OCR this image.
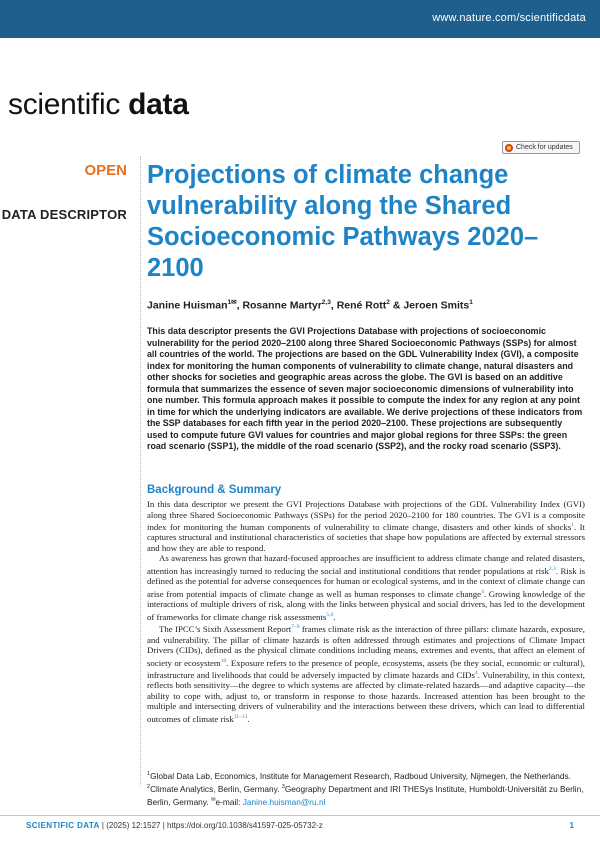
www.nature.com/scientificdata
scientific data
Check for updates
OPEN
DATA DESCRIPTOR
Projections of climate change vulnerability along the Shared Socioeconomic Pathways 2020–2100
Janine Huisman$^{1✉}$, Rosanne Martyr$^{2,3}$, René Rott$^2$ & Jeroen Smits$^1$

This data descriptor presents the GVI Projections Database with projections of socioeconomic vulnerability for the period 2020–2100 along three Shared Socioeconomic Pathways (SSPs) for almost all countries of the world. The projections are based on the GDL Vulnerability Index (GVI), a composite index for monitoring the human components of vulnerability to climate change, natural disasters and other shocks for societies and geographic areas across the globe. The GVI is based on an additive formula that summarizes the essence of seven major socioeconomic dimensions of vulnerability into one number. This formula approach makes it possible to compute the index for any region at any point in time for which the underlying indicators are available. We derive projections of these indicators from the SSP databases for each fifth year in the period 2020–2100. These projections are subsequently used to compute future GVI values for countries and major global regions for three SSPs: the green road scenario (SSP1), the middle of the road scenario (SSP2), and the rocky road scenario (SSP3).

Background & Summary

In this data descriptor we present the GVI Projections Database with projections of the GDL Vulnerability Index (GVI) along three Shared Socioeconomic Pathways (SSPs) for the period 2020–2100 for 180 countries. The GVI is a composite index for monitoring the human components of vulnerability to climate change, disasters and other kinds of shocks$^1$. It captures structural and institutional characteristics of societies that shape how populations are affected by external stressors and how they are able to respond.

As awareness has grown that hazard-focused approaches are insufficient to address climate change and related disasters, attention has increasingly turned to reducing the social and institutional conditions that render populations at risk$^{2,3}$. Risk is defined as the potential for adverse consequences for human or ecological systems, and in the context of climate change can arise from potential impacts of climate change as well as human responses to climate change$^4$. Growing knowledge of the interactions of multiple drivers of risk, along with the links between physical and social drivers, has led to the development of frameworks for climate change risk assessments$^{5,6}$.

The IPCC’s Sixth Assessment Report$^{7-9}$ frames climate risk as the interaction of three pillars: climate hazards, exposure, and vulnerability. The pillar of climate hazards is often addressed through estimates and projections of Climate Impact Drivers (CIDs), defined as the physical climate conditions including means, extremes and events, that affect an element of society or ecosystem$^{10}$. Exposure refers to the presence of people, ecosystems, assets (be they social, economic or cultural), infrastructure and livelihoods that could be adversely impacted by climate hazards and CIDs$^4$. Vulnerability, in this context, reflects both sensitivity—the degree to which systems are affected by climate-related hazards—and adaptive capacity—the ability to cope with, adjust to, or transform in response to those hazards. Increased attention has been brought to the multiple and intersecting drivers of vulnerability and the interactions between these drivers, which can lead to differential outcomes of climate risk$^{11-13}$.

$^1$Global Data Lab, Economics, Institute for Management Research, Radboud University, Nijmegen, the Netherlands. $^2$Climate Analytics, Berlin, Germany. $^3$Geography Department and IRI THESys Institute, Humboldt-Universität zu Berlin, Berlin, Germany. ✉e-mail: Janine.huisman@ru.nl
SCIENTIFIC DATA | (2025) 12:1527 | https://doi.org/10.1038/s41597-025-05732-z	1
